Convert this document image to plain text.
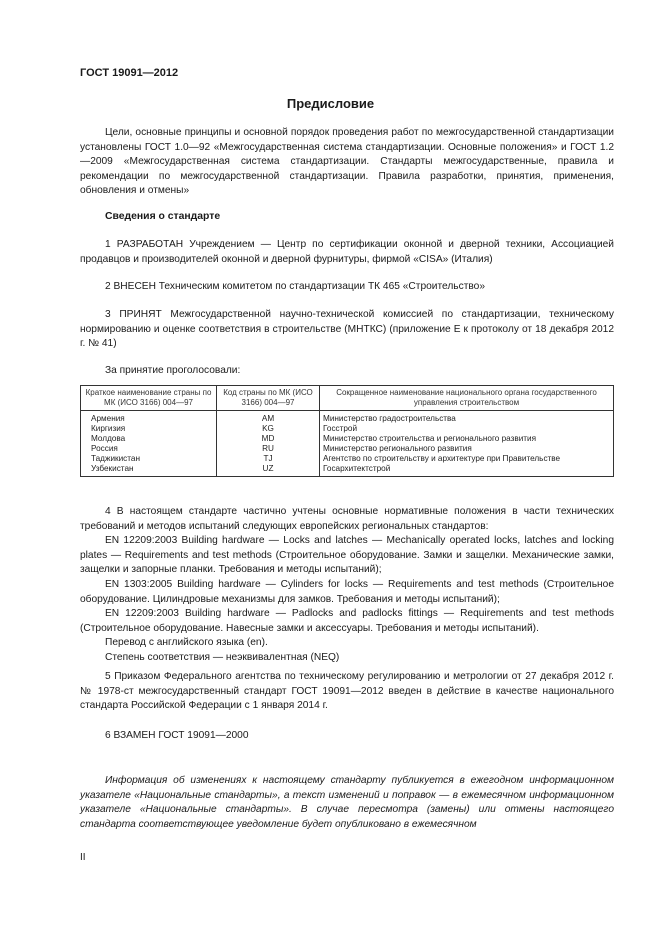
ГОСТ 19091—2012
Предисловие

Цели, основные принципы и основной порядок проведения работ по межгосударственной стандартизации установлены ГОСТ 1.0—92 «Межгосударственная система стандартизации. Основные положения» и ГОСТ 1.2—2009 «Межгосударственная система стандартизации. Стандарты межгосударственные, правила и рекомендации по межгосударственной стандартизации. Правила разработки, принятия, применения, обновления и отмены»

Сведения о стандарте

1 РАЗРАБОТАН Учреждением — Центр по сертификации оконной и дверной техники, Ассоциацией продавцов и производителей оконной и дверной фурнитуры, фирмой «CISA» (Италия)

2 ВНЕСЕН Техническим комитетом по стандартизации ТК 465 «Строительство»

3 ПРИНЯТ Межгосударственной научно-технической комиссией по стандартизации, техническому нормированию и оценке соответствия в строительстве (МНТКС) (приложение Е к протоколу от 18 декабря 2012 г. № 41)

За принятие проголосовали:

Краткое наименование страны по МК (ИСО 3166) 004—97	Код страны по МК (ИСО 3166) 004—97	Сокращенное наименование национального органа государственного управления строительством
Армения	AM	Министерство градостроительства
Киргизия	KG	Госстрой
Молдова	MD	Министерство строительства и регионального развития
Россия	RU	Министерство регионального развития
Таджикистан	TJ	Агентство по строительству и архитектуре при Правительстве
Узбекистан	UZ	Госархитектстрой

4 В настоящем стандарте частично учтены основные нормативные положения в части технических требований и методов испытаний следующих европейских региональных стандартов:

EN 12209:2003 Building hardware — Locks and latches — Mechanically operated locks, latches and locking plates — Requirements and test methods (Строительное оборудование. Замки и защелки. Механические замки, защелки и запорные планки. Требования и методы испытаний);

EN 1303:2005 Building hardware — Cylinders for locks — Requirements and test methods (Строительное оборудование. Цилиндровые механизмы для замков. Требования и методы испытаний);

EN 12209:2003 Building hardware — Padlocks and padlocks fittings — Requirements and test methods (Строительное оборудование. Навесные замки и аксессуары. Требования и методы испытаний).

Перевод с английского языка (en).

Степень соответствия — неэквивалентная (NEQ)

5 Приказом Федерального агентства по техническому регулированию и метрологии от 27 декабря 2012 г. № 1978-ст межгосударственный стандарт ГОСТ 19091—2012 введен в действие в качестве национального стандарта Российской Федерации с 1 января 2014 г.

6 ВЗАМЕН ГОСТ 19091—2000

Информация об изменениях к настоящему стандарту публикуется в ежегодном информационном указателе «Национальные стандарты», а текст изменений и поправок — в ежемесячном информационном указателе «Национальные стандарты». В случае пересмотра (замены) или отмены настоящего стандарта соответствующее уведомление будет опубликовано в ежемесячном

II
